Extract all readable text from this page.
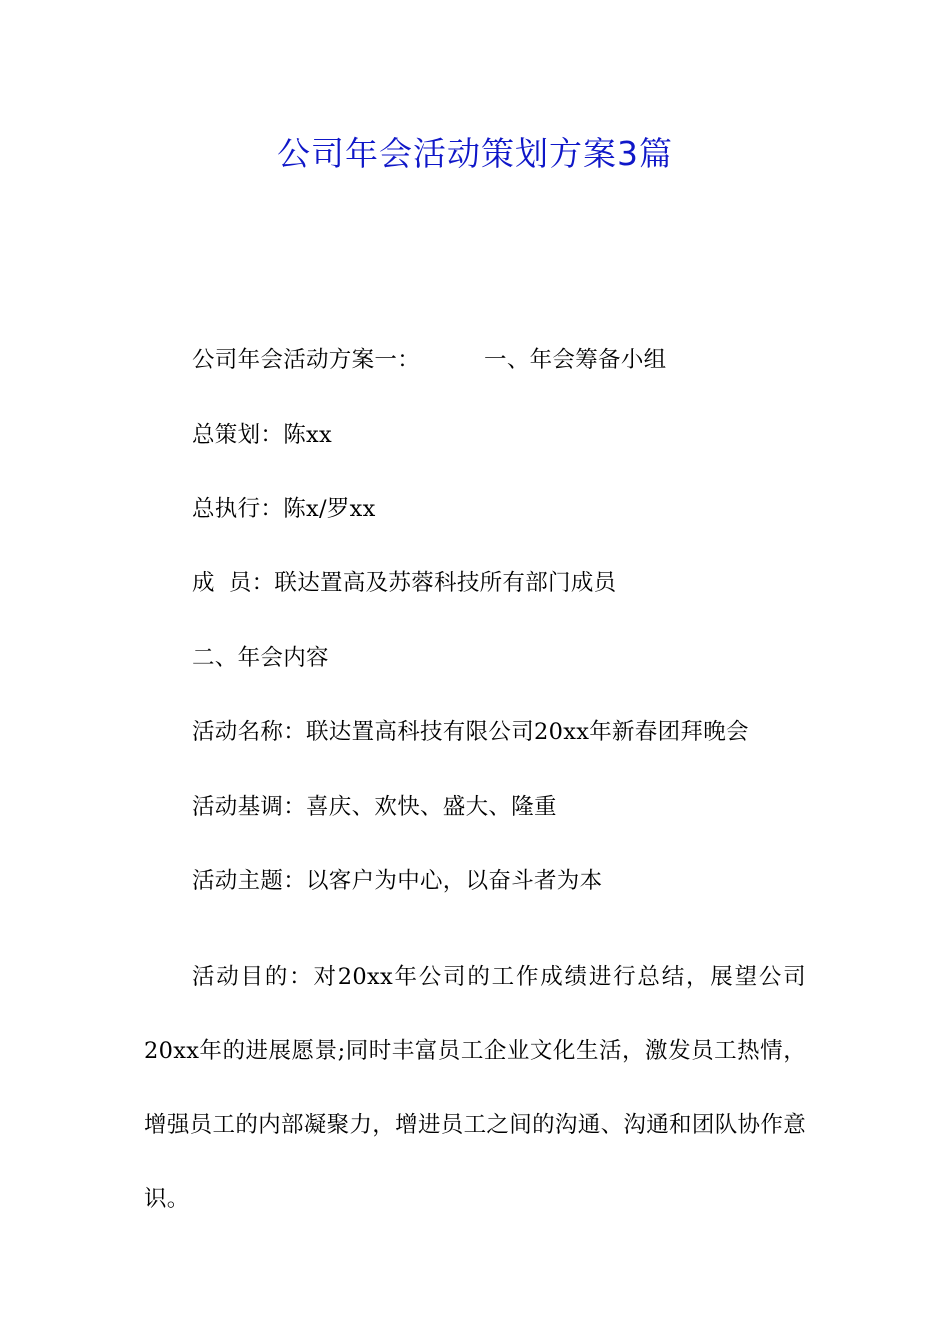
公司年会活动策划方案3篇
公司年会活动方案一：	一、年会筹备小组
总策划：陈xx
总执行：陈x/罗xx
成 员：联达置高及苏蓉科技所有部门成员
二、年会内容
活动名称：联达置高科技有限公司20xx年新春团拜晚会
活动基调：喜庆、欢快、盛大、隆重
活动主题：以客户为中心，以奋斗者为本
活动目的：对20xx年公司的工作成绩进行总结，展望公司20xx年的进展愿景;同时丰富员工企业文化生活，激发员工热情，增强员工的内部凝聚力，增进员工之间的沟通、沟通和团队协作意识。
